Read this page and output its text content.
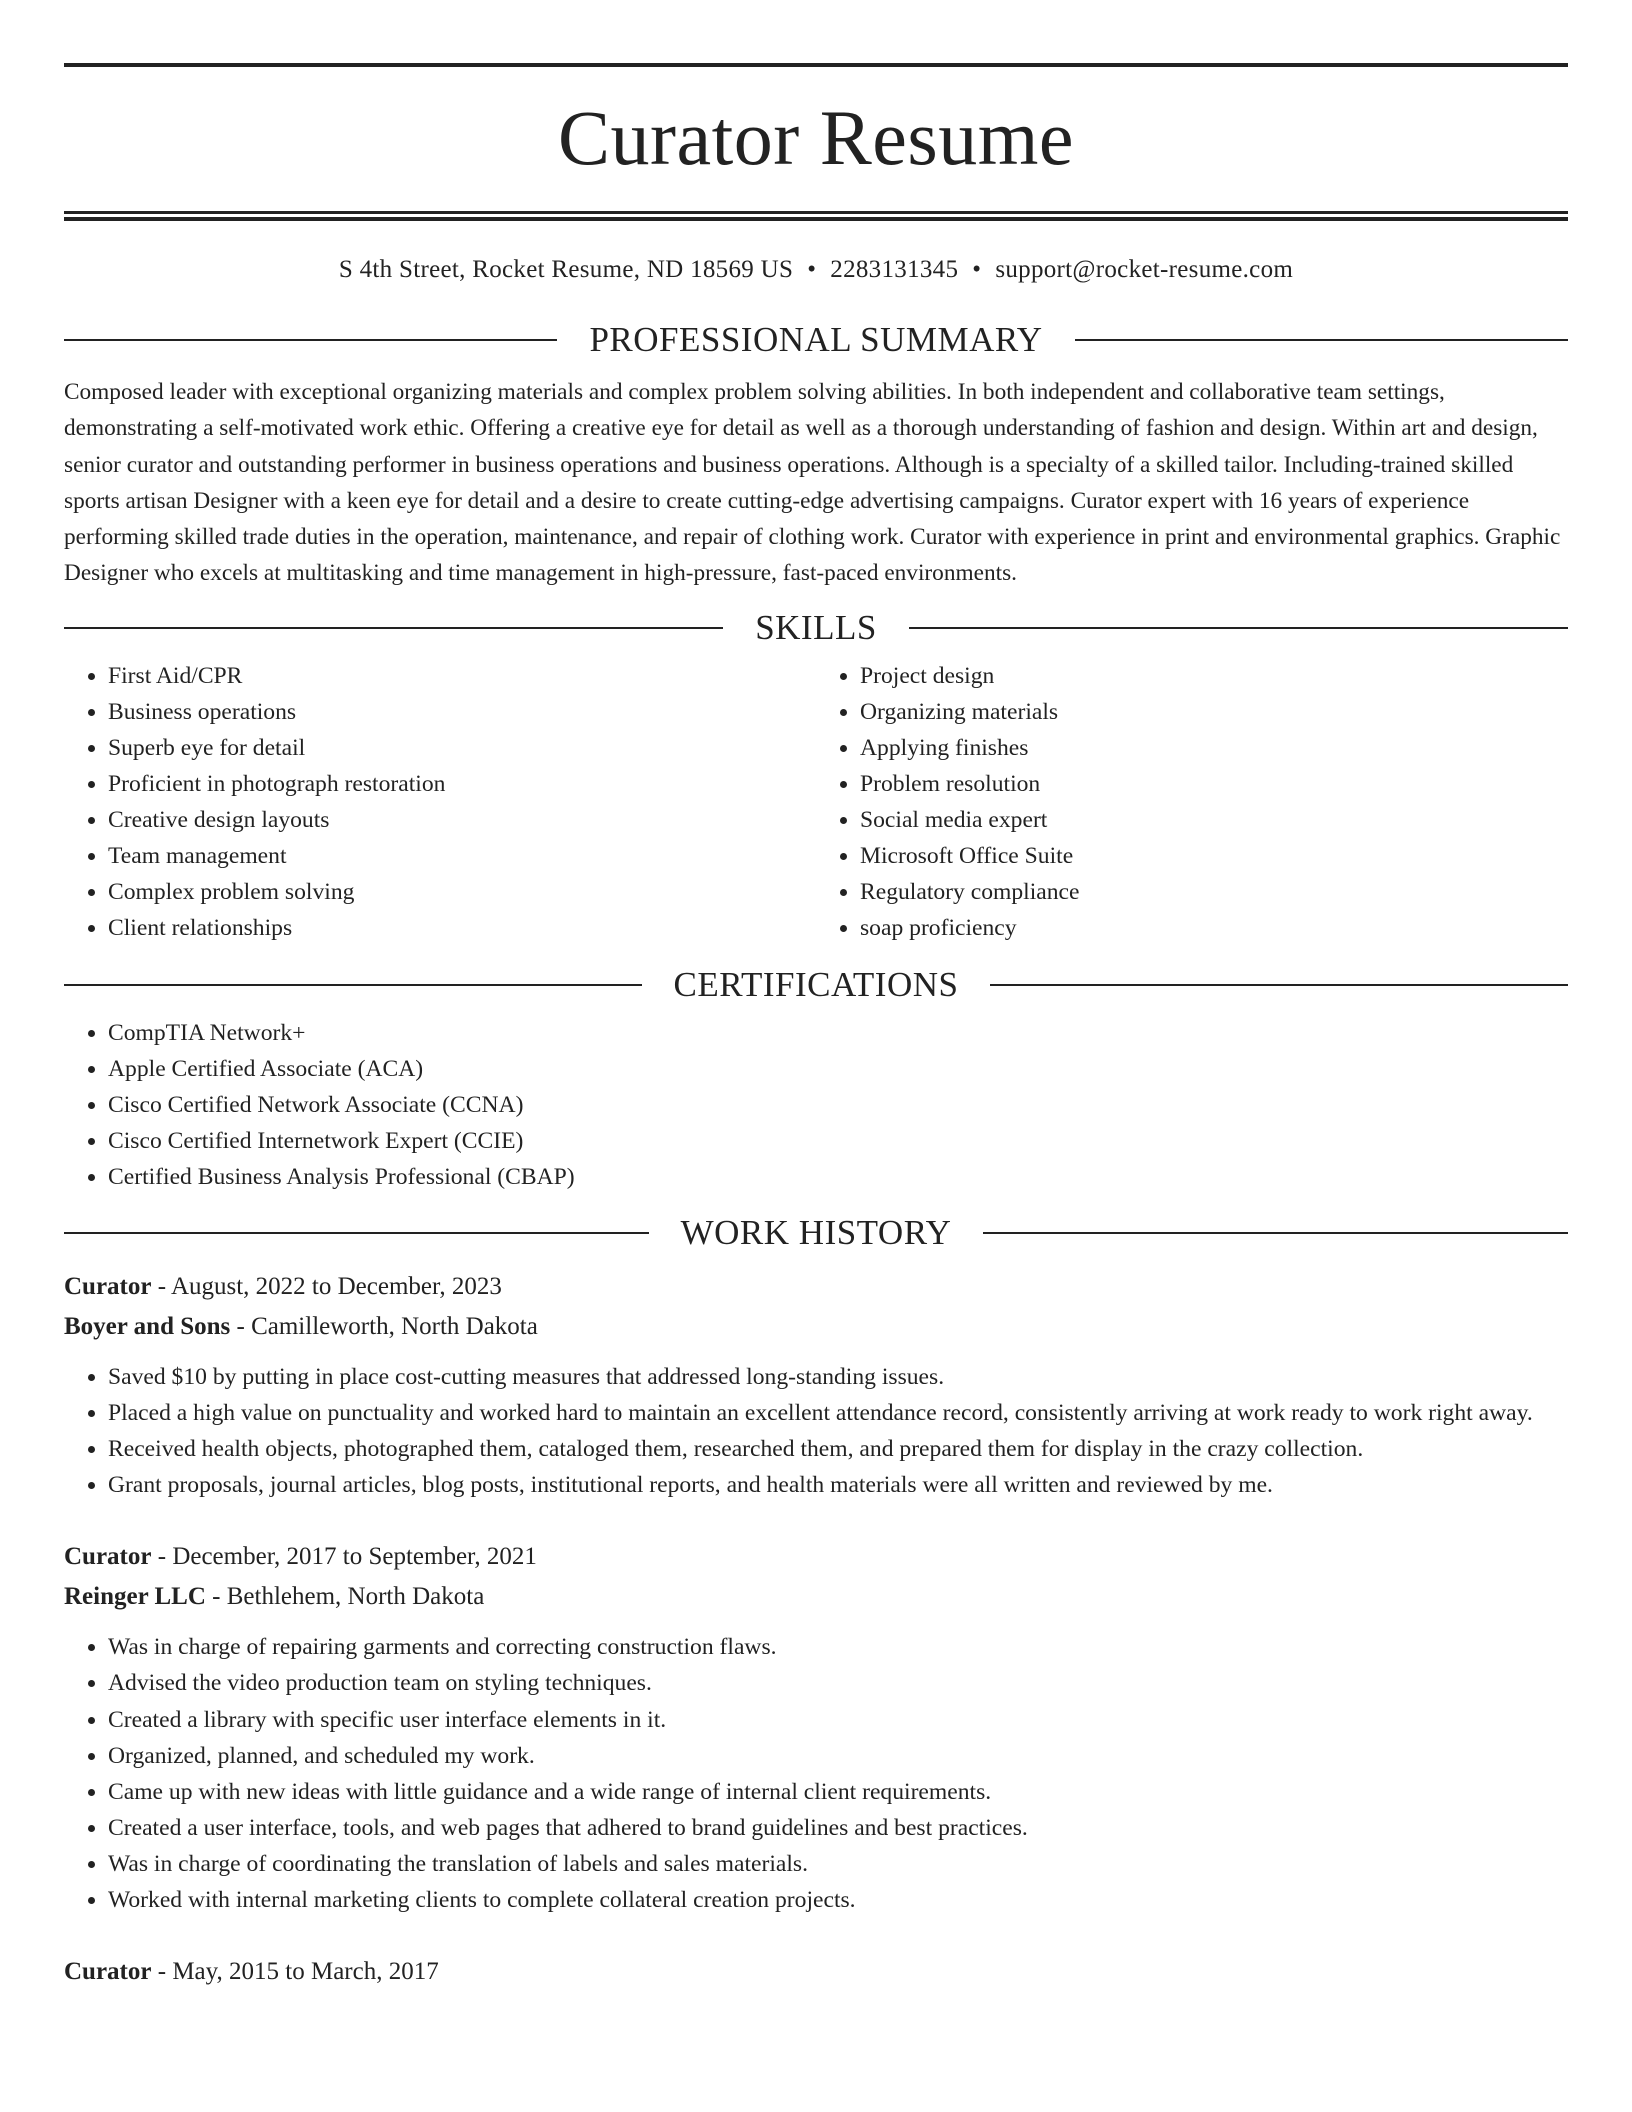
Curator Resume
S 4th Street, Rocket Resume, ND 18569 US • 2283131345 • support@rocket-resume.com
PROFESSIONAL SUMMARY

Composed leader with exceptional organizing materials and complex problem solving abilities. In both independent and collaborative team settings, demonstrating a self-motivated work ethic. Offering a creative eye for detail as well as a thorough understanding of fashion and design. Within art and design, senior curator and outstanding performer in business operations and business operations. Although is a specialty of a skilled tailor. Including-trained skilled sports artisan Designer with a keen eye for detail and a desire to create cutting-edge advertising campaigns. Curator expert with 16 years of experience performing skilled trade duties in the operation, maintenance, and repair of clothing work. Curator with experience in print and environmental graphics. Graphic Designer who excels at multitasking and time management in high-pressure, fast-paced environments.

SKILLS
• First Aid/CPR
• Business operations
• Superb eye for detail
• Proficient in photograph restoration
• Creative design layouts
• Team management
• Complex problem solving
• Client relationships
• Project design
• Organizing materials
• Applying finishes
• Problem resolution
• Social media expert
• Microsoft Office Suite
• Regulatory compliance
• soap proficiency
CERTIFICATIONS
• CompTIA Network+
• Apple Certified Associate (ACA)
• Cisco Certified Network Associate (CCNA)
• Cisco Certified Internetwork Expert (CCIE)
• Certified Business Analysis Professional (CBAP)
WORK HISTORY
Curator - August, 2022 to December, 2023
Boyer and Sons - Camilleworth, North Dakota
• Saved $10 by putting in place cost-cutting measures that addressed long-standing issues.
• Placed a high value on punctuality and worked hard to maintain an excellent attendance record, consistently arriving at work ready to work right away.
• Received health objects, photographed them, cataloged them, researched them, and prepared them for display in the crazy collection.
• Grant proposals, journal articles, blog posts, institutional reports, and health materials were all written and reviewed by me.
Curator - December, 2017 to September, 2021
Reinger LLC - Bethlehem, North Dakota
• Was in charge of repairing garments and correcting construction flaws.
• Advised the video production team on styling techniques.
• Created a library with specific user interface elements in it.
• Organized, planned, and scheduled my work.
• Came up with new ideas with little guidance and a wide range of internal client requirements.
• Created a user interface, tools, and web pages that adhered to brand guidelines and best practices.
• Was in charge of coordinating the translation of labels and sales materials.
• Worked with internal marketing clients to complete collateral creation projects.
Curator - May, 2015 to March, 2017
